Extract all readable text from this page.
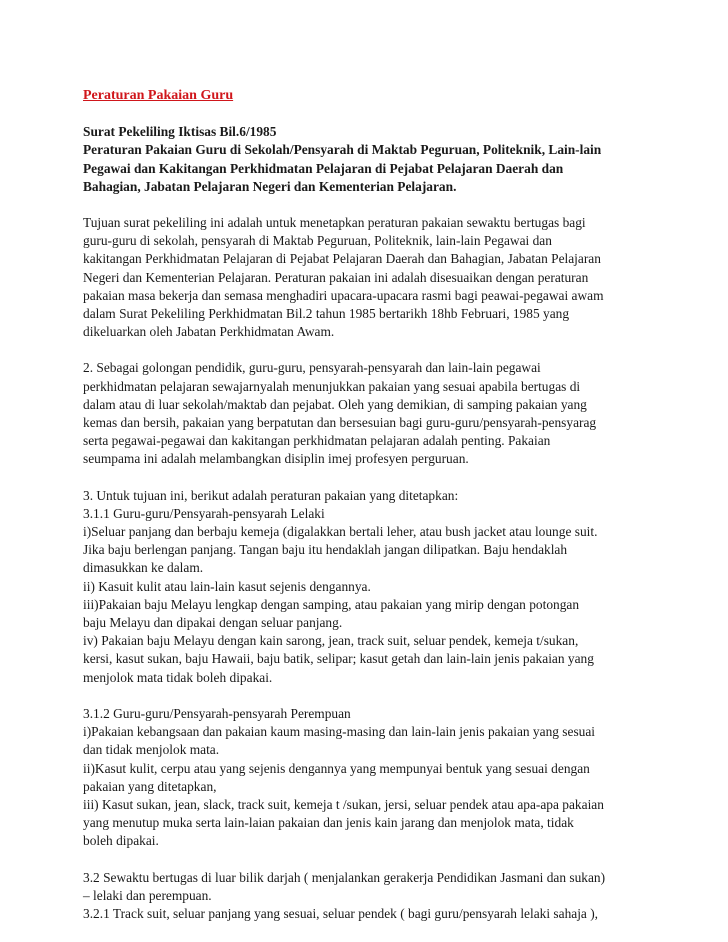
Peraturan Pakaian Guru
Surat Pekeliling Iktisas Bil.6/1985
Peraturan Pakaian Guru di Sekolah/Pensyarah di Maktab Peguruan, Politeknik, Lain-lain
Pegawai dan Kakitangan Perkhidmatan Pelajaran di Pejabat Pelajaran Daerah dan
Bahagian, Jabatan Pelajaran Negeri dan Kementerian Pelajaran.
Tujuan surat pekeliling ini adalah untuk menetapkan peraturan pakaian sewaktu bertugas bagi
guru-guru di sekolah, pensyarah di Maktab Peguruan, Politeknik, lain-lain Pegawai dan
kakitangan Perkhidmatan Pelajaran di Pejabat Pelajaran Daerah dan Bahagian, Jabatan Pelajaran
Negeri dan Kementerian Pelajaran. Peraturan pakaian ini adalah disesuaikan dengan peraturan
pakaian masa bekerja dan semasa menghadiri upacara-upacara rasmi bagi peawai-pegawai awam
dalam Surat Pekeliling Perkhidmatan Bil.2 tahun 1985 bertarikh 18hb Februari, 1985 yang
dikeluarkan oleh Jabatan Perkhidmatan Awam.
2. Sebagai golongan pendidik, guru-guru, pensyarah-pensyarah dan lain-lain pegawai
perkhidmatan pelajaran sewajarnyalah menunjukkan pakaian yang sesuai apabila bertugas di
dalam atau di luar sekolah/maktab dan pejabat. Oleh yang demikian, di samping pakaian yang
kemas dan bersih, pakaian yang berpatutan dan bersesuian bagi guru-guru/pensyarah-pensyarag
serta pegawai-pegawai dan kakitangan perkhidmatan pelajaran adalah penting. Pakaian
seumpama ini adalah melambangkan disiplin imej profesyen perguruan.
3. Untuk tujuan ini, berikut adalah peraturan pakaian yang ditetapkan:
3.1.1 Guru-guru/Pensyarah-pensyarah Lelaki
i)Seluar panjang dan berbaju kemeja (digalakkan bertali leher, atau bush jacket atau lounge suit.
Jika baju berlengan panjang. Tangan baju itu hendaklah jangan dilipatkan. Baju hendaklah
dimasukkan ke dalam.
ii) Kasuit kulit atau lain-lain kasut sejenis dengannya.
iii)Pakaian baju Melayu lengkap dengan samping, atau pakaian yang mirip dengan potongan
baju Melayu dan dipakai dengan seluar panjang.
iv) Pakaian baju Melayu dengan kain sarong, jean, track suit, seluar pendek, kemeja t/sukan,
kersi, kasut sukan, baju Hawaii, baju batik, selipar; kasut getah dan lain-lain jenis pakaian yang
menjolok mata tidak boleh dipakai.
3.1.2 Guru-guru/Pensyarah-pensyarah Perempuan
i)Pakaian kebangsaan dan pakaian kaum masing-masing dan lain-lain jenis pakaian yang sesuai
dan tidak menjolok mata.
ii)Kasut kulit, cerpu atau yang sejenis dengannya yang mempunyai bentuk yang sesuai dengan
pakaian yang ditetapkan,
iii) Kasut sukan, jean, slack, track suit, kemeja t /sukan, jersi, seluar pendek atau apa-apa pakaian
yang menutup muka serta lain-laian pakaian dan jenis kain jarang dan menjolok mata, tidak
boleh dipakai.
3.2 Sewaktu bertugas di luar bilik darjah ( menjalankan gerakerja Pendidikan Jasmani dan sukan)
– lelaki dan perempuan.
3.2.1 Track suit, seluar panjang yang sesuai, seluar pendek ( bagi guru/pensyarah lelaki sahaja ),
